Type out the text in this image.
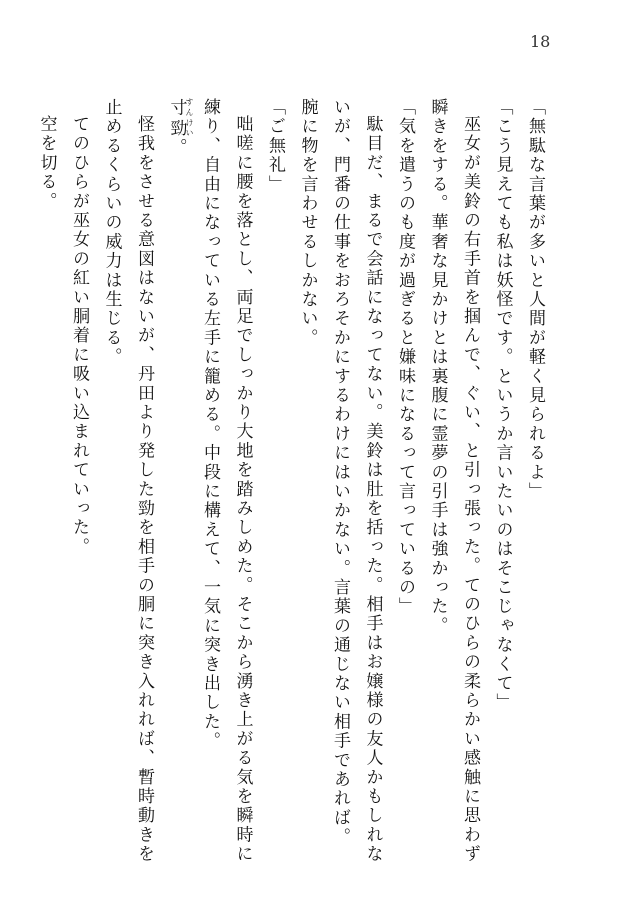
18

「無駄な言葉が多いと人間が軽く見られるよ」

「こう見えても私は妖怪です。というか言いたいのはそこじゃなくて」

巫女が美鈴の右手首を掴んで、ぐい、と引っ張った。てのひらの柔らかい感触に思わず

瞬きをする。華奢な見かけとは裏腹に霊夢の引手は強かった。

「気を遣うのも度が過ぎると嫌味になるって言っているの」

駄目だ、まるで会話になってない。美鈴は肚を括った。相手はお嬢様の友人かもしれな

いが、門番の仕事をおろそかにするわけにはいかない。言葉の通じない相手であれば。

腕に物を言わせるしかない。

「ご無礼」

咄嗟に腰を落とし、両足でしっかり大地を踏みしめた。そこから湧き上がる気を瞬時に

練り、自由になっている左手に籠める。中段に構えて、一気に突き出した。

寸勁すんけい。

怪我をさせる意図はないが、丹田より発した勁を相手の胴に突き入れれば、暫時動きを

止めるくらいの威力は生じる。

てのひらが巫女の紅い胴着に吸い込まれていった。

空を切る。
